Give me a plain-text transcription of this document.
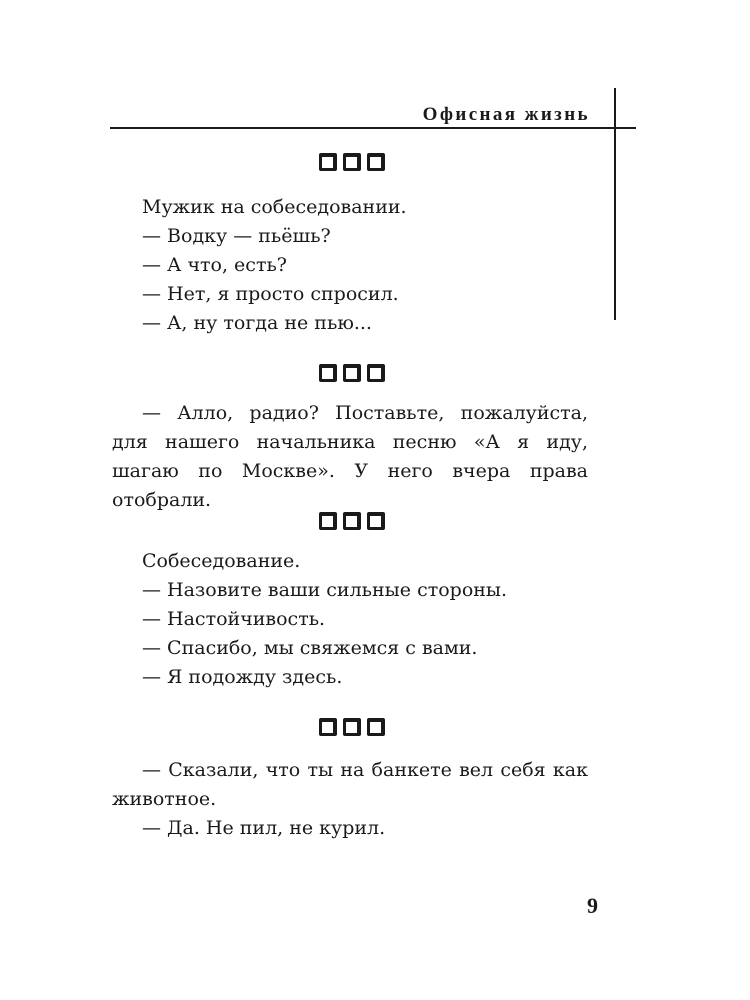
Офисная жизнь
Мужик на собеседовании.
— Водку — пьёшь?
— А что, есть?
— Нет, я просто спросил.
— А, ну тогда не пью...

— Алло, радио? Поставьте, пожалуйста, для нашего начальника песню «А я иду, шагаю по Москве». У него вчера права отобрали.

Собеседование.
— Назовите ваши сильные стороны.
— Настойчивость.
— Спасибо, мы свяжемся с вами.
— Я подожду здесь.

— Сказали, что ты на банкете вел себя как животное.

— Да. Не пил, не курил.
9
